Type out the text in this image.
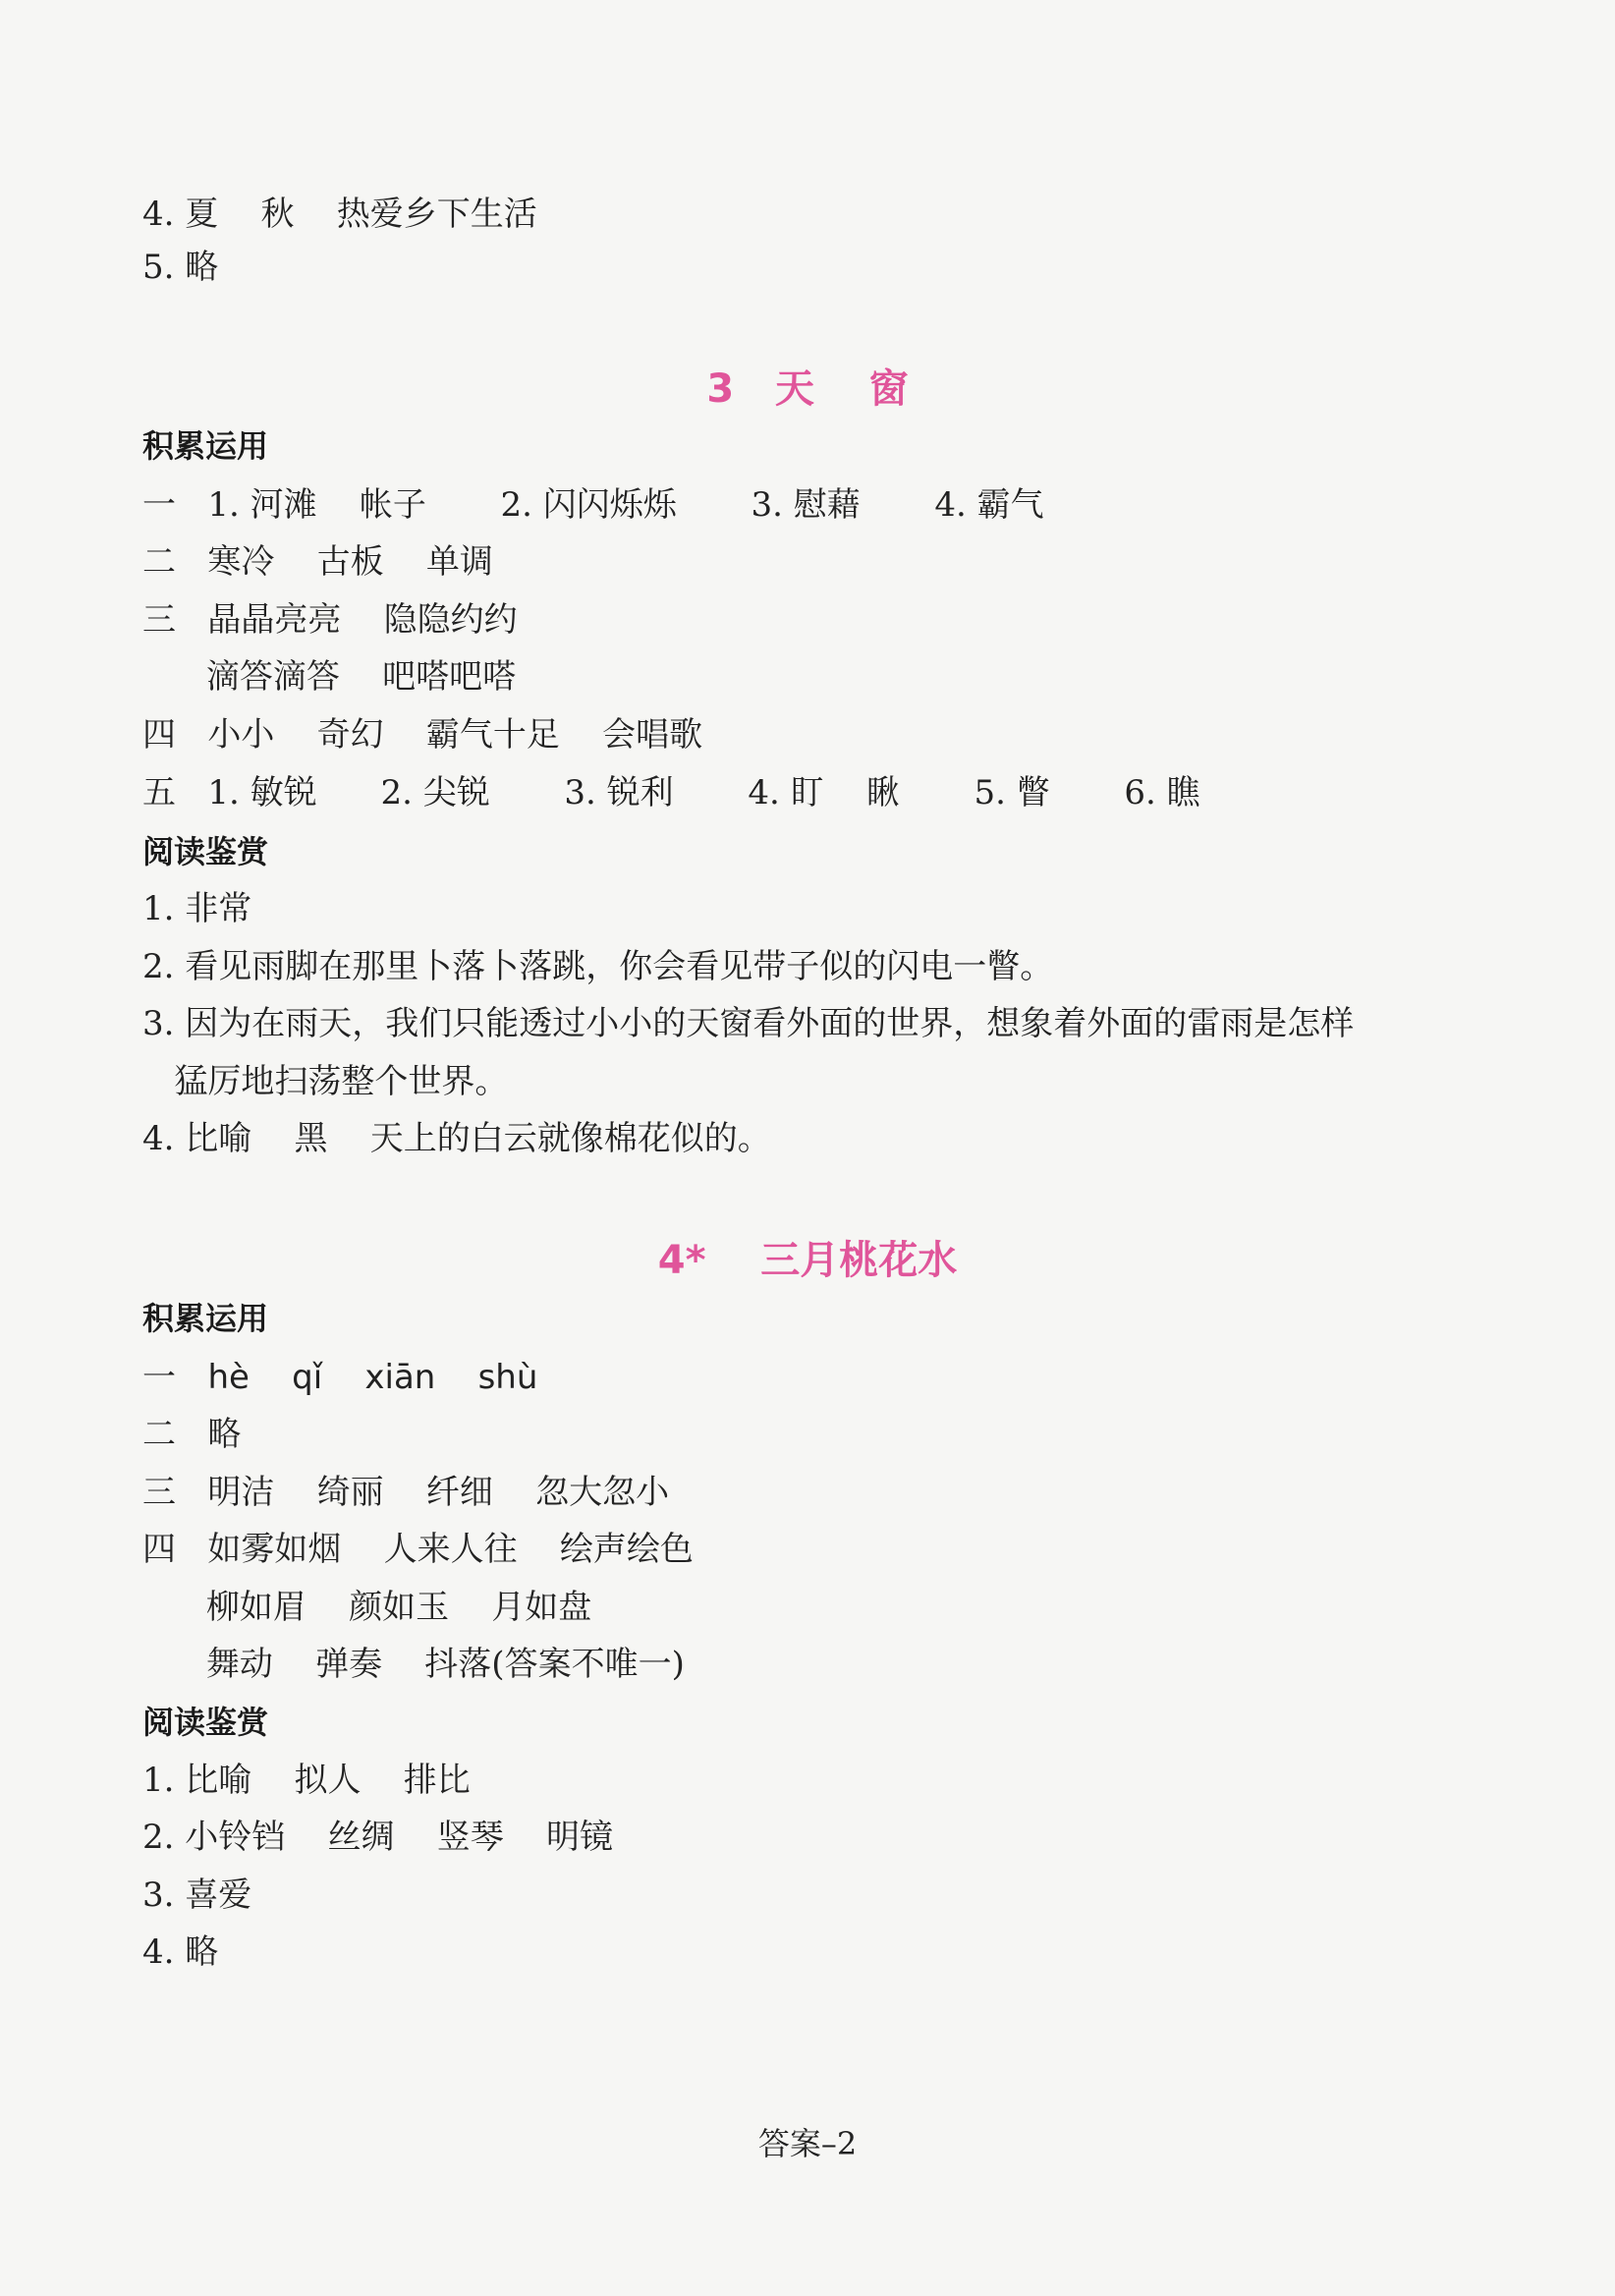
4. 夏    秋    热爱乡下生活
5. 略
3   天    窗
积累运用
一   1. 河滩    帐子       2. 闪闪烁烁       3. 慰藉       4. 霸气
二   寒冷    古板    单调
三   晶晶亮亮    隐隐约约
滴答滴答    吧嗒吧嗒
四   小小    奇幻    霸气十足    会唱歌
五   1. 敏锐      2. 尖锐       3. 锐利       4. 盯    瞅       5. 瞥       6. 瞧
阅读鉴赏
1. 非常
2. 看见雨脚在那里卜落卜落跳，你会看见带子似的闪电一瞥。
3. 因为在雨天，我们只能透过小小的天窗看外面的世界，想象着外面的雷雨是怎样
猛厉地扫荡整个世界。
4. 比喻    黑    天上的白云就像棉花似的。
4*    三月桃花水
积累运用
一   hè    qǐ    xiān    shù
二   略
三   明洁    绮丽    纤细    忽大忽小
四   如雾如烟    人来人往    绘声绘色
柳如眉    颜如玉    月如盘
舞动    弹奏    抖落(答案不唯一)
阅读鉴赏
1. 比喻    拟人    排比
2. 小铃铛    丝绸    竖琴    明镜
3. 喜爱
4. 略
答案–2
